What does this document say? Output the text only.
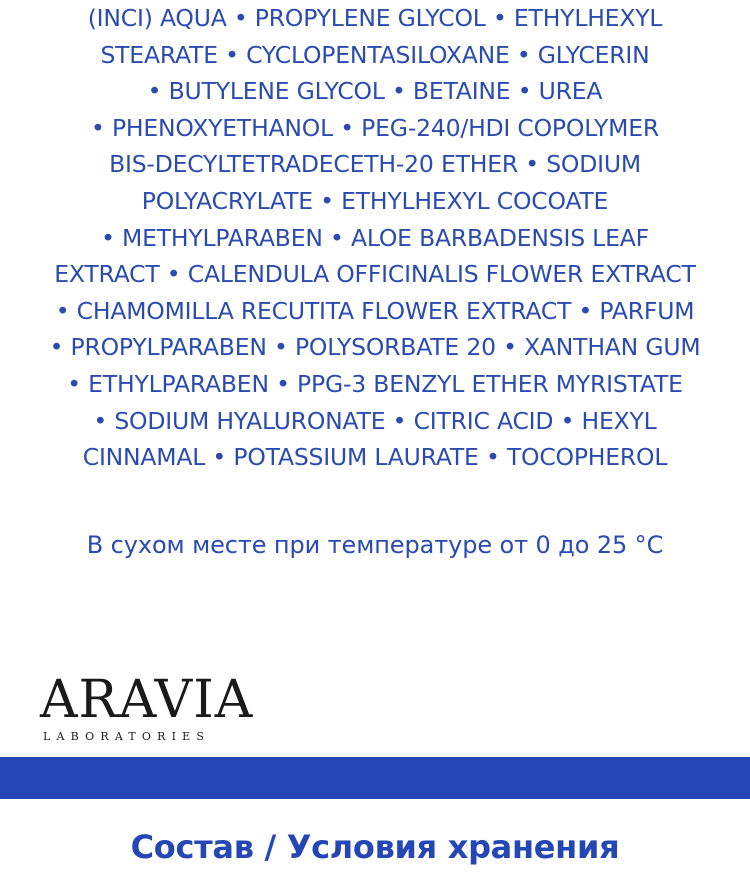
(INCI) AQUA • PROPYLENE GLYCOL • ETHYLHEXYL
STEARATE • CYCLOPENTASILOXANE • GLYCERIN
• BUTYLENE GLYCOL • BETAINE • UREA
• PHENOXYETHANOL • PEG-240/HDI COPOLYMER
BIS-DECYLTETRADECETH-20 ETHER • SODIUM
POLYACRYLATE • ETHYLHEXYL COCOATE
• METHYLPARABEN • ALOE BARBADENSIS LEAF
EXTRACT • CALENDULA OFFICINALIS FLOWER EXTRACT
• CHAMOMILLA RECUTITA FLOWER EXTRACT • PARFUM
• PROPYLPARABEN • POLYSORBATE 20 • XANTHAN GUM
• ETHYLPARABEN • PPG-3 BENZYL ETHER MYRISTATE
• SODIUM HYALURONATE • CITRIC ACID • HEXYL
CINNAMAL • POTASSIUM LAURATE • TOCOPHEROL
В сухом месте при температуре от 0 до 25 °C
ARAVIA
LABORATORIES
Состав / Условия хранения
